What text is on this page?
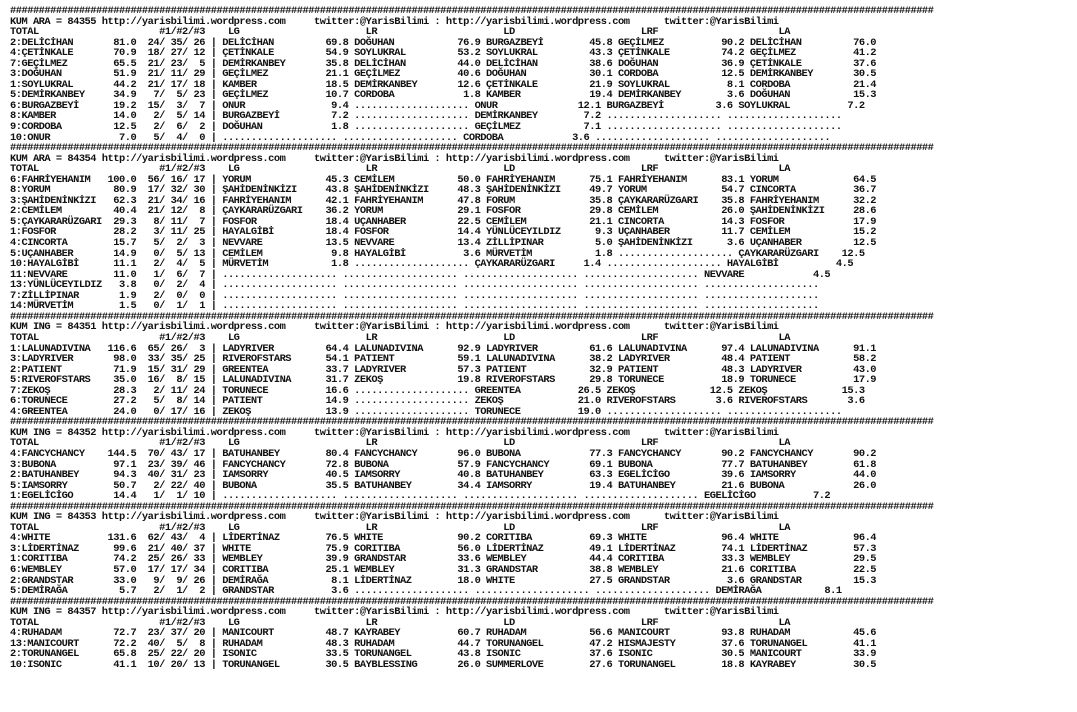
#################################################################################################################################################################
KUM ARA = 84355 http://yarisbilimi.wordpress.com     twitter:@YarisBilimi : http://yarisbilimi.wordpress.com      twitter:@YarisBilimi
TOTAL                     #1/#2/#3    LG                      LR                      LD                      LRF                     LA
2:DELİCİHAN       81.0  24/ 35/ 26 | DELİCİHAN         69.8 DOĞUHAN           76.9 BURGAZBEYİ        45.8 GEÇİLMEZ          90.2 DELİCİHAN         76.0
4:ÇETİNKALE       70.9  18/ 27/ 12 | ÇETİNKALE         54.9 SOYLUKRAL         53.2 SOYLUKRAL         43.3 ÇETİNKALE         74.2 GEÇİLMEZ          41.2
7:GEÇİLMEZ        65.5  21/ 23/  5 | DEMİRKANBEY       35.8 DELİCİHAN         44.0 DELİCİHAN         38.6 DOĞUHAN           36.9 ÇETİNKALE         37.6
3:DOĞUHAN         51.9  21/ 11/ 29 | GEÇİLMEZ          21.1 GEÇİLMEZ          40.6 DOĞUHAN           30.1 CORDOBA           12.5 DEMİRKANBEY       30.5
1:SOYLUKRAL       44.2  21/ 17/ 18 | KAMBER            18.5 DEMİRKANBEY       12.6 ÇETİNKALE         21.9 SOYLUKRAL          8.1 CORDOBA           21.4
5:DEMİRKANBEY     34.9   7/  5/ 23 | GEÇİLMEZ          10.7 CORDOBA            1.8 KAMBER            19.4 DEMİRKANBEY        3.6 DOĞUHAN           15.3
6:BURGAZBEYİ      19.2  15/  3/  7 | ONUR               9.4 .................... ONUR              12.1 BURGAZBEYİ         3.6 SOYLUKRAL          7.2
8:KAMBER          14.0   2/  5/ 14 | BURGAZBEYİ         7.2 .................... DEMİRKANBEY        7.2 .................... ....................
9:CORDOBA         12.5   2/  6/  2 | DOĞUHAN            1.8 .................... GEÇİLMEZ           7.1 .................... ....................
10:ONUR            7.0   5/  4/  0 | .................... .................... CORDOBA            3.6 .................... ....................
#################################################################################################################################################################
KUM ARA = 84354 http://yarisbilimi.wordpress.com     twitter:@YarisBilimi : http://yarisbilimi.wordpress.com      twitter:@YarisBilimi
TOTAL                     #1/#2/#3    LG                      LR                      LD                      LRF                     LA
6:FAHRİYEHANIM   100.0  56/ 16/ 17 | YORUM             45.3 CEMİLEM           50.0 FAHRİYEHANIM      75.1 FAHRİYEHANIM      83.1 YORUM             64.5
8:YORUM           80.9  17/ 32/ 30 | ŞAHİDENİNKİZI     43.8 ŞAHİDENİNKİZI     48.3 ŞAHİDENİNKİZI     49.7 YORUM             54.7 CINCORTA          36.7
3:ŞAHİDENİNKİZI   62.3  21/ 34/ 16 | FAHRİYEHANIM      42.1 FAHRİYEHANIM      47.8 FORUM             35.8 ÇAYKARARÜZGARI    35.8 FAHRİYEHANIM      32.2
2:CEMİLEM         40.4  21/ 12/  8 | ÇAYKARARÜZGARI    36.2 YORUM             29.1 FOSFOR            29.8 CEMİLEM           26.0 ŞAHİDENİNKİZI     28.6
5:ÇAYKARARÜZGARI  29.3   8/ 11/  7 | FOSFOR            18.4 UÇANHABER         22.5 CEMİLEM           21.1 CINCORTA          14.3 FOSFOR            17.9
1:FOSFOR          28.2   3/ 11/ 25 | HAYALGİBİ         18.4 FOSFOR            14.4 YÜNLÜCEYILDIZ      9.3 UÇANHABER         11.7 CEMİLEM           15.2
4:CINCORTA        15.7   5/  2/  3 | NEVVARE           13.5 NEVVARE           13.4 ZİLLİPINAR         5.0 ŞAHİDENİNKİZI      3.6 UÇANHABER         12.5
5:UÇANHABER       14.9   0/  5/ 13 | CEMİLEM            9.8 HAYALGİBİ          3.6 MÜRVETİM           1.8 .................... ÇAYKARARÜZGARI    12.5
10:HAYALGİBİ      11.1   2/  4/  5 | MÜRVETİM           1.8 .................... ÇAYKARARÜZGARI     1.4 .................... HAYALGİBİ          4.5
11:NEVVARE        11.0   1/  6/  7 | .................... .................... .................... .................... NEVVARE            4.5
13:YÜNLÜCEYILDIZ   3.8   0/  2/  4 | .................... .................... .................... .................... ....................
7:ZİLLİPINAR       1.9   2/  0/  0 | .................... .................... .................... .................... ....................
14:MÜRVETİM        1.5   0/  1/  1 | .................... .................... .................... .................... ....................
#################################################################################################################################################################
KUM ING = 84351 http://yarisbilimi.wordpress.com     twitter:@YarisBilimi : http://yarisbilimi.wordpress.com      twitter:@YarisBilimi
TOTAL                     #1/#2/#3    LG                      LR                      LD                      LRF                     LA
1:LALUNADIVINA   116.6  65/ 26/  3 | LADYRIVER         64.4 LALUNADIVINA      92.9 LADYRIVER         61.6 LALUNADIVINA      97.4 LALUNADIVINA      91.1
3:LADYRIVER       98.0  33/ 35/ 25 | RIVEROFSTARS      54.1 PATIENT           59.1 LALUNADIVINA      38.2 LADYRIVER         48.4 PATIENT           58.2
2:PATIENT         71.9  15/ 31/ 29 | GREENTEA          33.7 LADYRIVER         57.3 PATIENT           32.9 PATIENT           48.3 LADYRIVER         43.0
5:RIVEROFSTARS    35.0  16/  8/ 15 | LALUNADIVINA      31.7 ZEKOŞ             19.8 RIVEROFSTARS      29.8 TORUNECE          18.9 TORUNECE          17.9
7:ZEKOŞ           28.3   2/ 11/ 24 | TORUNECE          16.6 .................... GREENTEA          26.5 ZEKOŞ             12.5 ZEKOŞ             15.3
6:TORUNECE        27.2   5/  8/ 14 | PATIENT           14.9 .................... ZEKOŞ             21.0 RIVEROFSTARS       3.6 RIVEROFSTARS       3.6
4:GREENTEA        24.0   0/ 17/ 16 | ZEKOŞ             13.9 .................... TORUNECE          19.0 .................... ....................
#################################################################################################################################################################
KUM ING = 84352 http://yarisbilimi.wordpress.com     twitter:@YarisBilimi : http://yarisbilimi.wordpress.com      twitter:@YarisBilimi
TOTAL                     #1/#2/#3    LG                      LR                      LD                      LRF                     LA
4:FANCYCHANCY    144.5  70/ 43/ 17 | BATUHANBEY        80.4 FANCYCHANCY       96.0 BUBONA            77.3 FANCYCHANCY       90.2 FANCYCHANCY       90.2
3:BUBONA          97.1  23/ 39/ 46 | FANCYCHANCY       72.8 BUBONA            57.9 FANCYCHANCY       69.1 BUBONA            77.7 BATUHANBEY        61.8
2:BATUHANBEY      94.3  40/ 31/ 23 | IAMSORRY          40.5 IAMSORRY          40.8 BATUHANBEY        63.3 EGELİCİGO         39.6 IAMSORRY          44.0
5:IAMSORRY        50.7   2/ 22/ 40 | BUBONA            35.5 BATUHANBEY        34.4 IAMSORRY          19.4 BATUHANBEY        21.6 BUBONA            26.0
1:EGELİCİGO       14.4   1/  1/ 10 | .................... .................... .................... .................... EGELİCİGO          7.2
#################################################################################################################################################################
KUM ING = 84353 http://yarisbilimi.wordpress.com     twitter:@YarisBilimi : http://yarisbilimi.wordpress.com      twitter:@YarisBilimi
TOTAL                     #1/#2/#3    LG                      LR                      LD                      LRF                     LA
4:WHITE          131.6  62/ 43/  4 | LİDERTİNAZ        76.5 WHITE             90.2 CORITIBA          69.3 WHITE             96.4 WHITE             96.4
3:LİDERTİNAZ      99.6  21/ 40/ 37 | WHITE             75.9 CORITIBA          56.0 LİDERTİNAZ        49.1 LİDERTİNAZ        74.1 LİDERTİNAZ        57.3
1:CORITIBA        74.2  25/ 26/ 33 | WEMBLEY           39.9 GRANDSTAR         33.6 WEMBLEY           44.4 CORITIBA          33.3 WEMBLEY           29.5
6:WEMBLEY         57.0  17/ 17/ 34 | CORITIBA          25.1 WEMBLEY           31.3 GRANDSTAR         38.8 WEMBLEY           21.6 CORITIBA          22.5
2:GRANDSTAR       33.0   9/  9/ 26 | DEMİRAĞA           8.1 LİDERTİNAZ        18.0 WHITE             27.5 GRANDSTAR          3.6 GRANDSTAR         15.3
5:DEMİRAĞA         5.7   2/  1/  2 | GRANDSTAR          3.6 .................... .................... .................... DEMİRAĞA           8.1
#################################################################################################################################################################
KUM ING = 84357 http://yarisbilimi.wordpress.com     twitter:@YarisBilimi : http://yarisbilimi.wordpress.com      twitter:@YarisBilimi
TOTAL                     #1/#2/#3    LG                      LR                      LD                      LRF                     LA
4:RUHADAM         72.7  23/ 37/ 20 | MANICOURT         48.7 KAYRABEY          60.7 RUHADAM           56.6 MANICOURT         93.8 RUHADAM           45.6
13:MANICOURT      72.2  40/  5/  8 | RUHADAM           48.3 RUHADAM           44.7 TORUNANGEL        47.2 HISMAJESTY        37.6 TORUNANGEL        41.1
2:TORUNANGEL      65.8  25/ 22/ 20 | ISONIC            33.5 TORUNANGEL        43.8 ISONIC            37.6 ISONIC            30.5 MANICOURT         33.9
10:ISONIC         41.1  10/ 20/ 13 | TORUNANGEL        30.5 BAYBLESSING       26.0 SUMMERLOVE        27.6 TORUNANGEL        18.8 KAYRABEY          30.5
